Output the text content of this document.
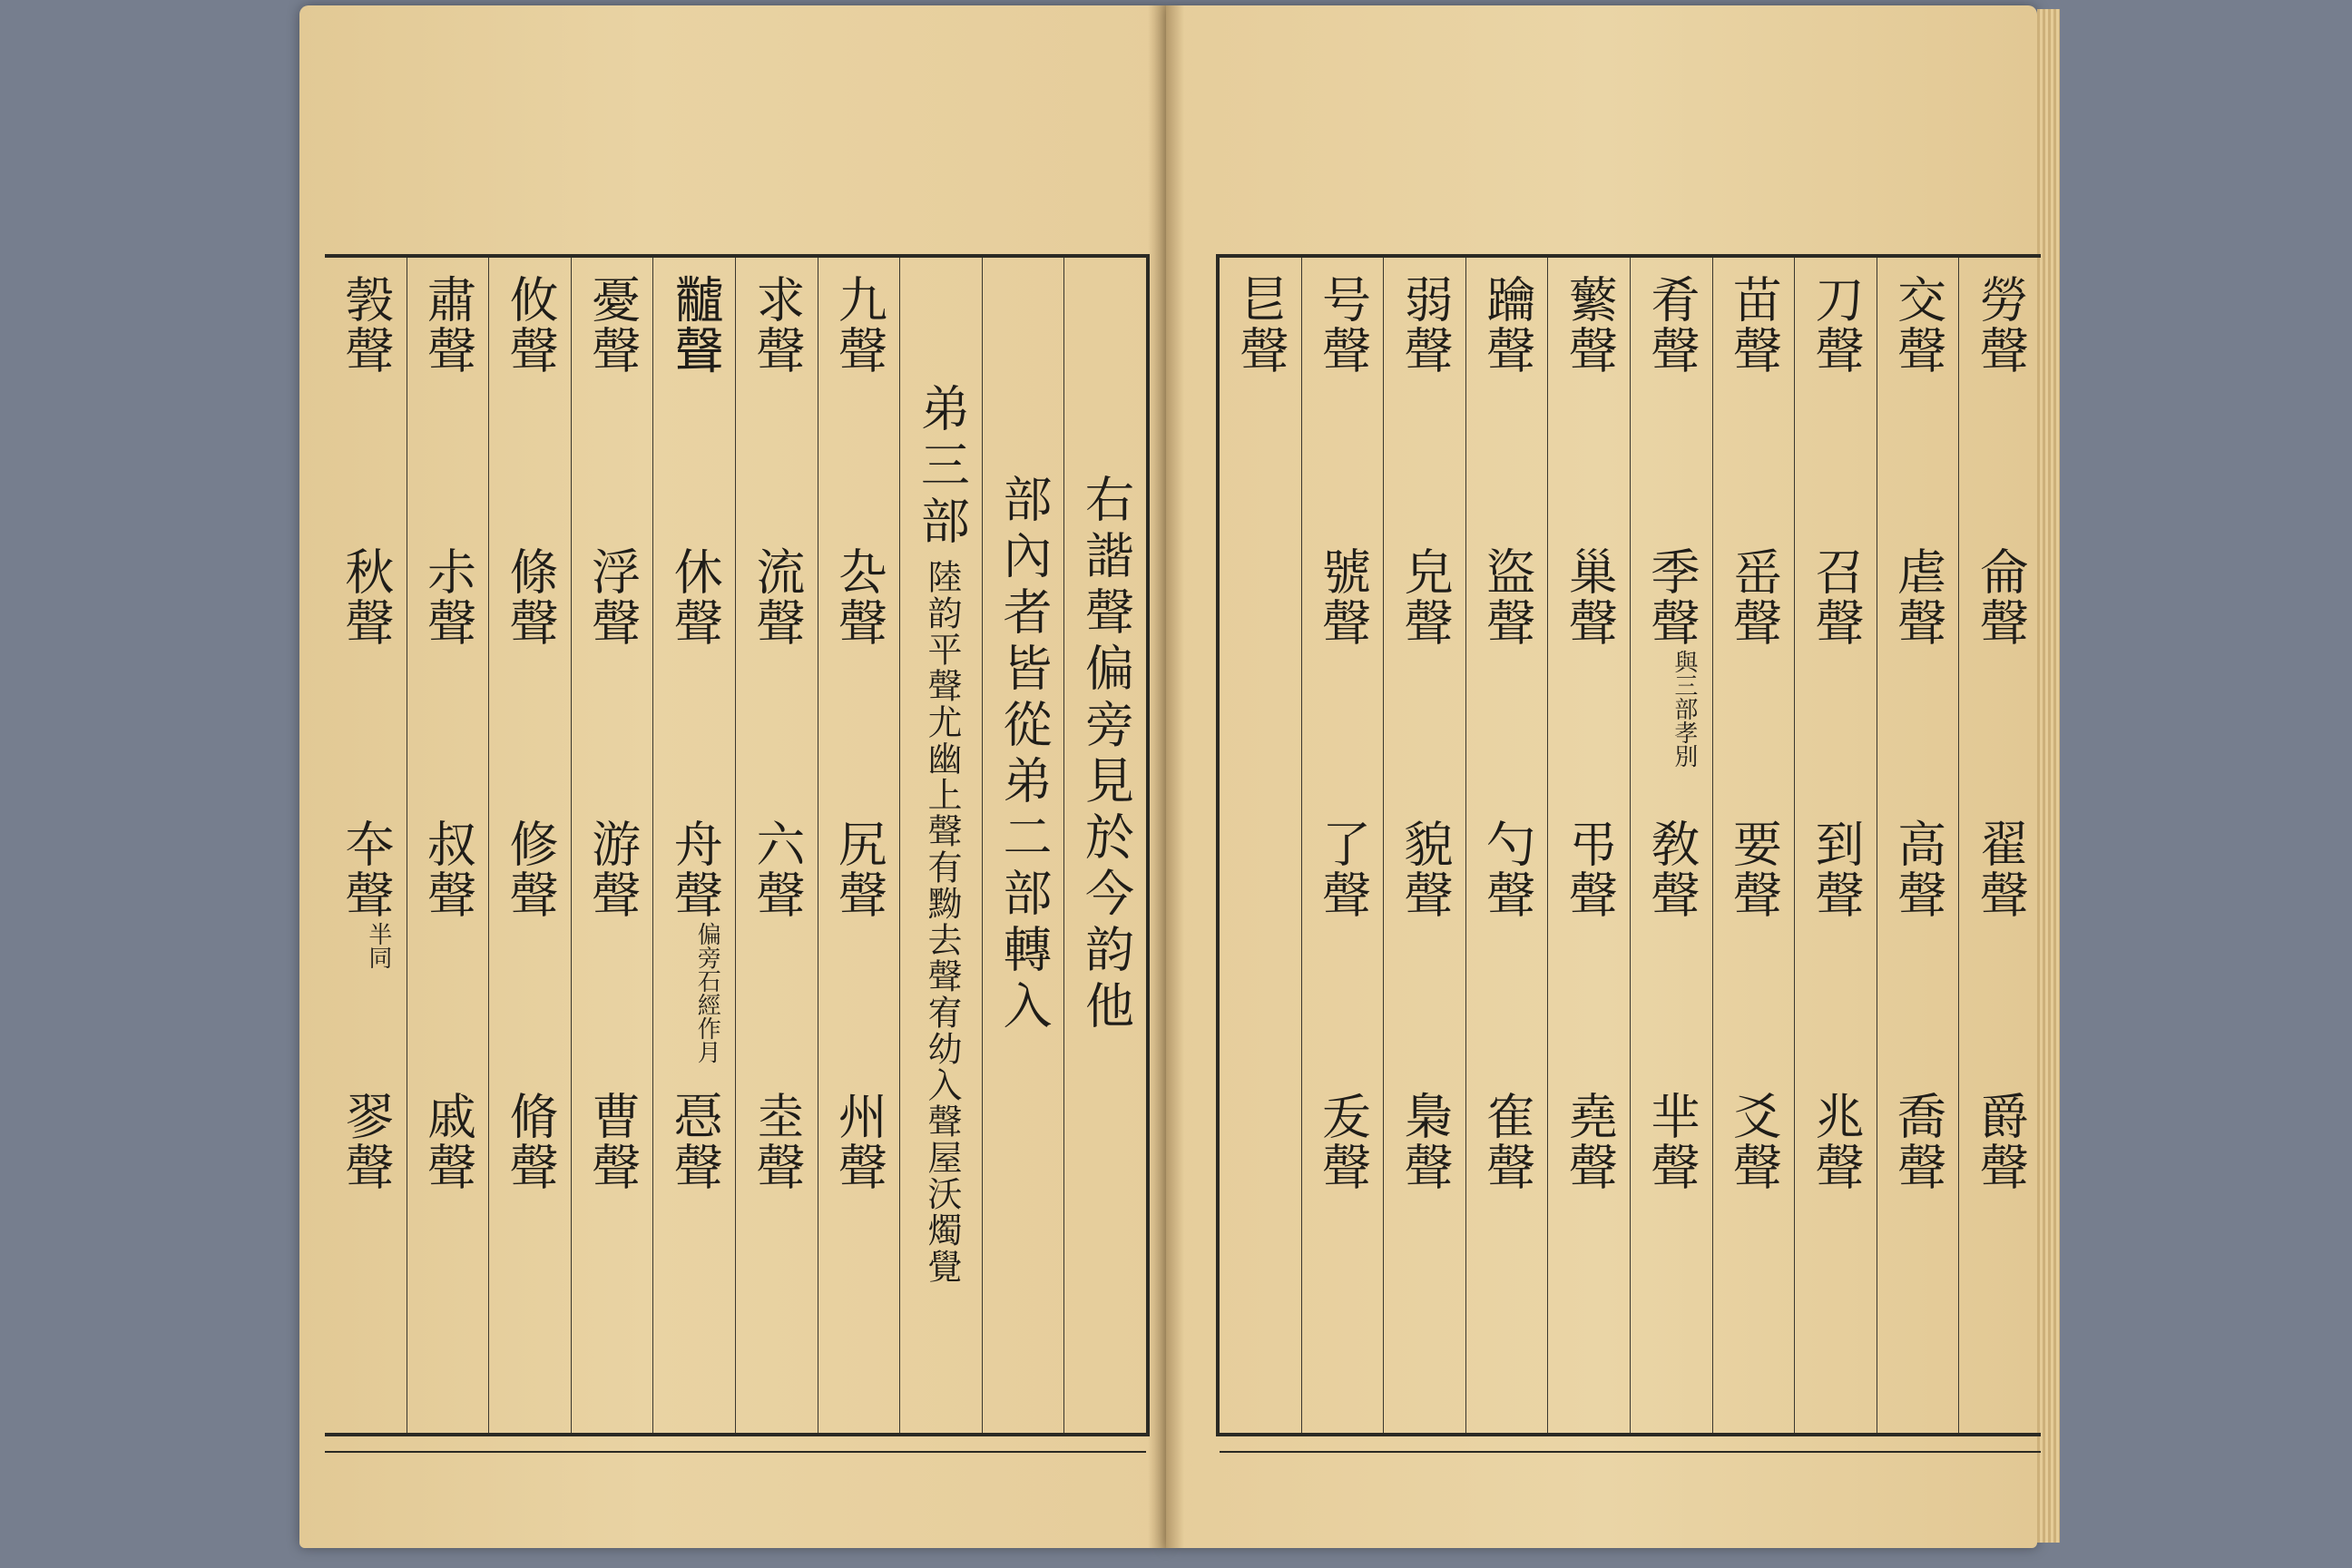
勞聲
侖聲
翟聲
爵聲
交聲
虐聲
高聲
喬聲
刀聲
召聲
到聲
兆聲
苗聲
䍃聲
要聲
爻聲
肴聲
季聲
與三部孝別
敎聲
芈聲
蘩聲
巢聲
弔聲
堯聲
䠯聲
盜聲
勺聲
隺聲
弱聲
皃聲
貌聲
梟聲
号聲
號聲
了聲
叐聲
㫐聲
右諧聲偏旁見於今韵他
部內者皆從弟二部轉入
弟三部
陸韵平聲尤幽上聲有黝去聲宥幼入聲屋沃燭覺
九聲
厹聲
尻聲
州聲
求聲
流聲
六聲
坴聲
𪓐聲
休聲
舟聲
偏旁石經作月
㥑聲
憂聲
浮聲
游聲
曹聲
攸聲
條聲
修聲
脩聲
肅聲
尗聲
叔聲
戚聲
㝅聲
秋聲
夲聲
半同
翏聲
